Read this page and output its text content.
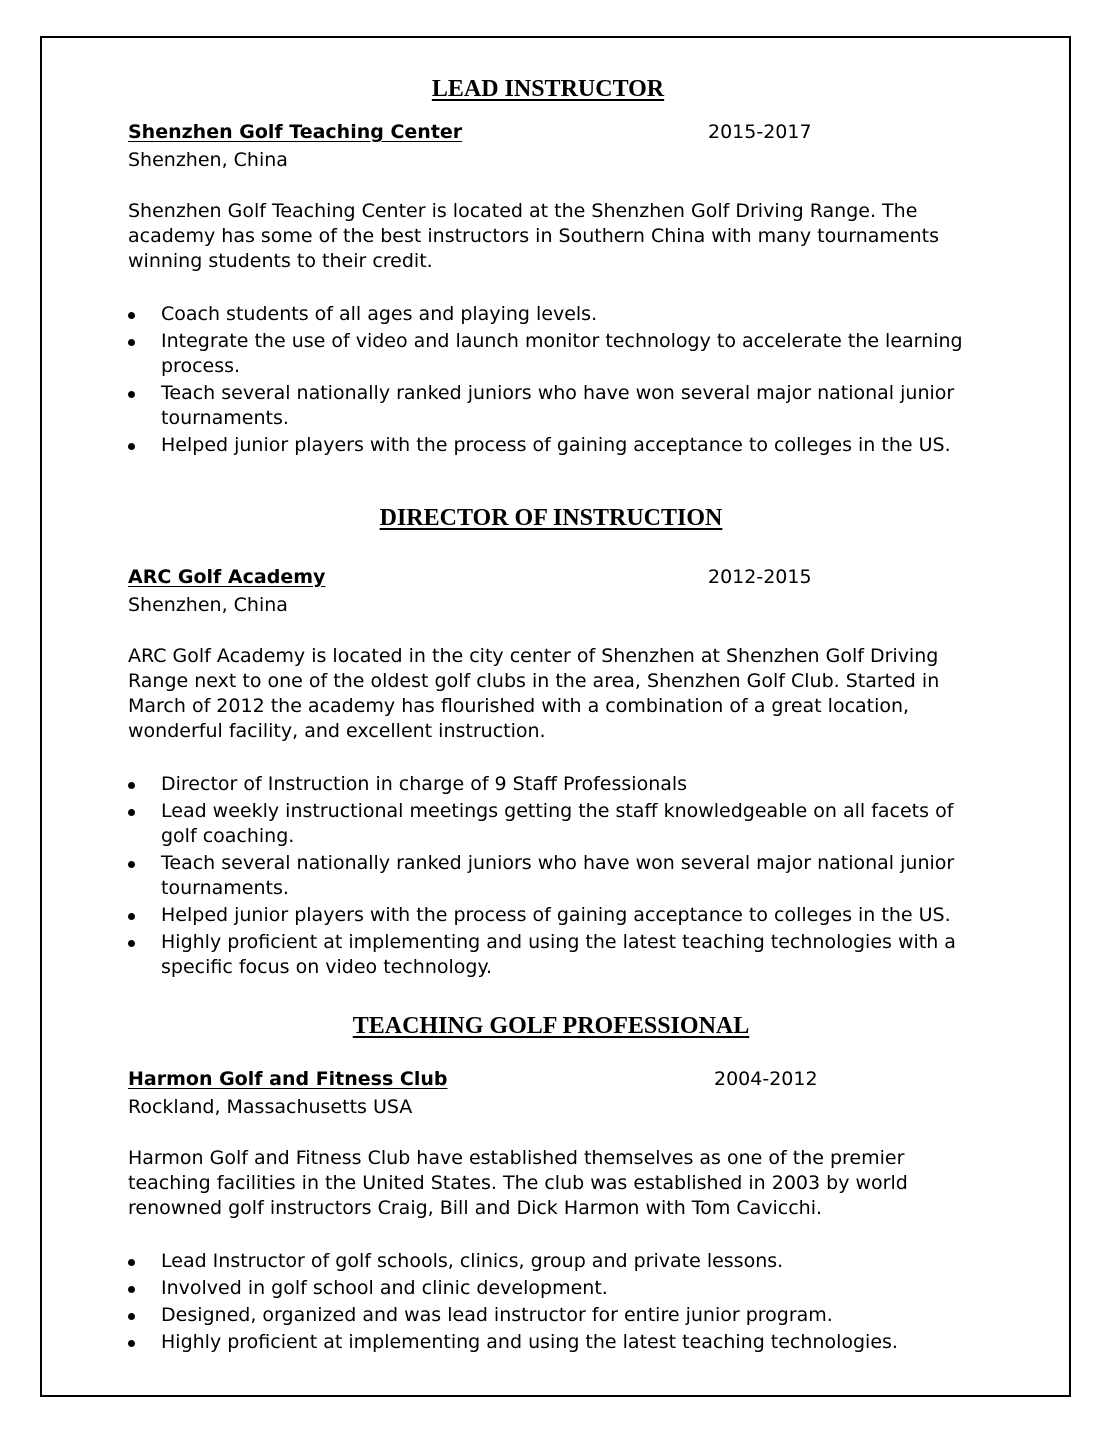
LEAD INSTRUCTOR
Shenzhen Golf Teaching Center	2015-2017
Shenzhen, China

Shenzhen Golf Teaching Center is located at the Shenzhen Golf Driving Range. The academy has some of the best instructors in Southern China with many tournaments winning students to their credit.

Coach students of all ages and playing levels.
Integrate the use of video and launch monitor technology to accelerate the learning process.
Teach several nationally ranked juniors who have won several major national junior tournaments.
Helped junior players with the process of gaining acceptance to colleges in the US.
DIRECTOR OF INSTRUCTION
ARC Golf Academy	2012-2015
Shenzhen, China

ARC Golf Academy is located in the city center of Shenzhen at Shenzhen Golf Driving Range next to one of the oldest golf clubs in the area, Shenzhen Golf Club. Started in March of 2012 the academy has flourished with a combination of a great location, wonderful facility, and excellent instruction.

Director of Instruction in charge of 9 Staff Professionals
Lead weekly instructional meetings getting the staff knowledgeable on all facets of golf coaching.
Teach several nationally ranked juniors who have won several major national junior tournaments.
Helped junior players with the process of gaining acceptance to colleges in the US.
Highly proficient at implementing and using the latest teaching technologies with a specific focus on video technology.
TEACHING GOLF PROFESSIONAL
Harmon Golf and Fitness Club	2004-2012
Rockland, Massachusetts USA

Harmon Golf and Fitness Club have established themselves as one of the premier teaching facilities in the United States. The club was established in 2003 by world renowned golf instructors Craig, Bill and Dick Harmon with Tom Cavicchi.

Lead Instructor of golf schools, clinics, group and private lessons.
Involved in golf school and clinic development.
Designed, organized and was lead instructor for entire junior program.
Highly proficient at implementing and using the latest teaching technologies.
